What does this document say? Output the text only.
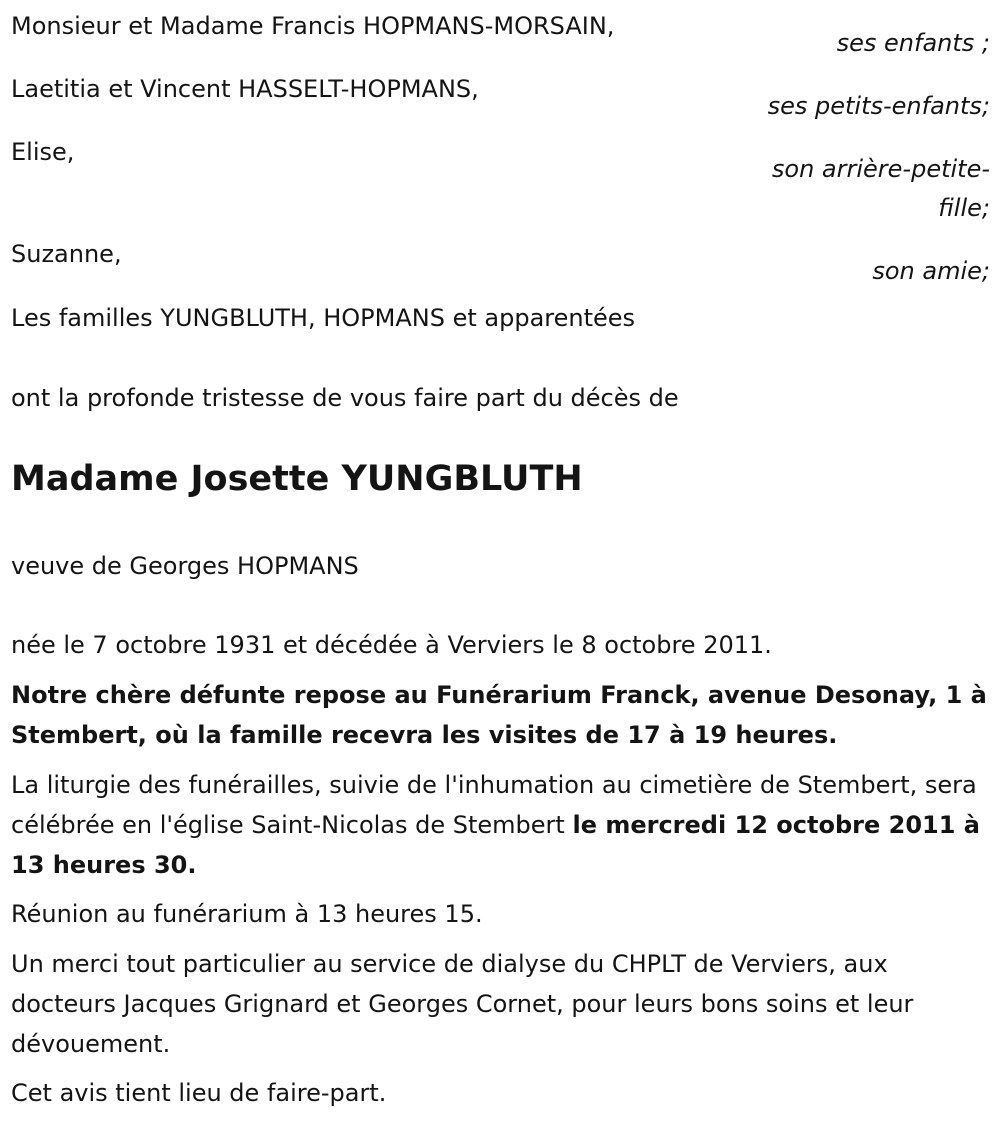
Monsieur et Madame Francis HOPMANS-MORSAIN,
ses enfants ;
Laetitia et Vincent HASSELT-HOPMANS,
ses petits-enfants;
Elise,
son arrière-petite-fille;
Suzanne,
son amie;
Les familles YUNGBLUTH, HOPMANS et apparentées

ont la profonde tristesse de vous faire part du décès de

Madame Josette YUNGBLUTH

veuve de Georges HOPMANS

née le 7 octobre 1931 et décédée à Verviers le 8 octobre 2011.

Notre chère défunte repose au Funérarium Franck, avenue Desonay, 1 à Stembert, où la famille recevra les visites de 17 à 19 heures.

La liturgie des funérailles, suivie de l'inhumation au cimetière de Stembert, sera célébrée en l'église Saint-Nicolas de Stembert le mercredi 12 octobre 2011 à 13 heures 30.

Réunion au funérarium à 13 heures 15.

Un merci tout particulier au service de dialyse du CHPLT de Verviers, aux docteurs Jacques Grignard et Georges Cornet, pour leurs bons soins et leur dévouement.

Cet avis tient lieu de faire-part.
